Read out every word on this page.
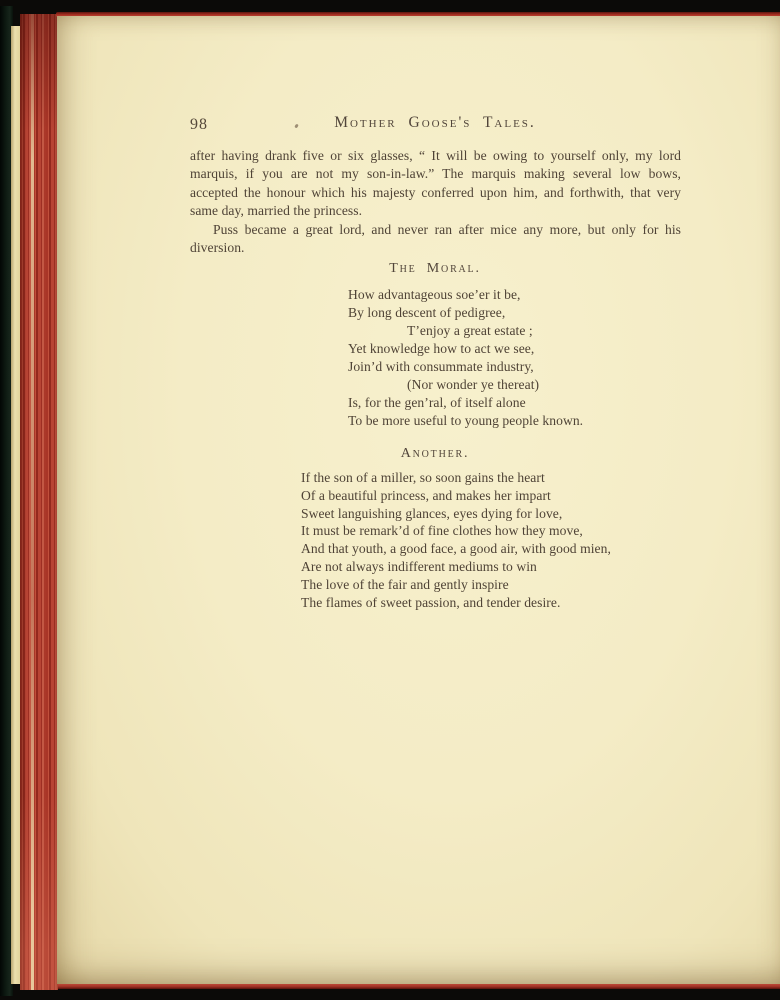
98	Mother Goose's Tales.
after having drank five or six glasses, “ It will be owing to yourself only, my lord
marquis, if you are not my son-in-law.” The marquis making several low bows,
accepted the honour which his majesty conferred upon him, and forthwith, that very
same day, married the princess.
Puss became a great lord, and never ran after mice any more, but only for his
diversion.
The Moral.
How advantageous soe’er it be,
By long descent of pedigree,
T’enjoy a great estate ;
Yet knowledge how to act we see,
Join’d with consummate industry,
(Nor wonder ye thereat)
Is, for the gen’ral, of itself alone
To be more useful to young people known.
Another.
If the son of a miller, so soon gains the heart
Of a beautiful princess, and makes her impart
Sweet languishing glances, eyes dying for love,
It must be remark’d of fine clothes how they move,
And that youth, a good face, a good air, with good mien,
Are not always indifferent mediums to win
The love of the fair and gently inspire
The flames of sweet passion, and tender desire.
